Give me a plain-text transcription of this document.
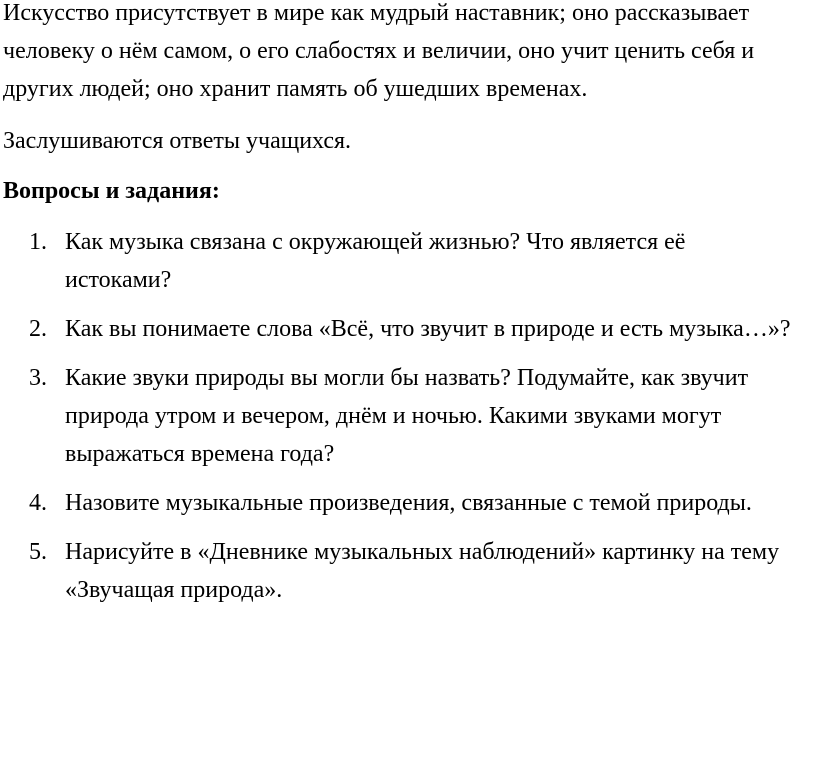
Искусство присутствует в мире как мудрый наставник; оно рассказывает человеку о нём самом, о его слабостях и величии, оно учит ценить себя и других людей; оно хранит память об ушедших временах.

Заслушиваются ответы учащихся.

Вопросы и задания:

1. Как музыка связана с окружающей жизнью? Что является её истоками?
2. Как вы понимаете слова «Всё, что звучит в природе и есть музыка…»?
3. Какие звуки природы вы могли бы назвать? Подумайте, как звучит природа утром и вечером, днём и ночью. Какими звуками могут выражаться времена года?
4. Назовите музыкальные произведения, связанные с темой природы.
5. Нарисуйте в «Дневнике музыкальных наблюдений» картинку на тему «Звучащая природа».
